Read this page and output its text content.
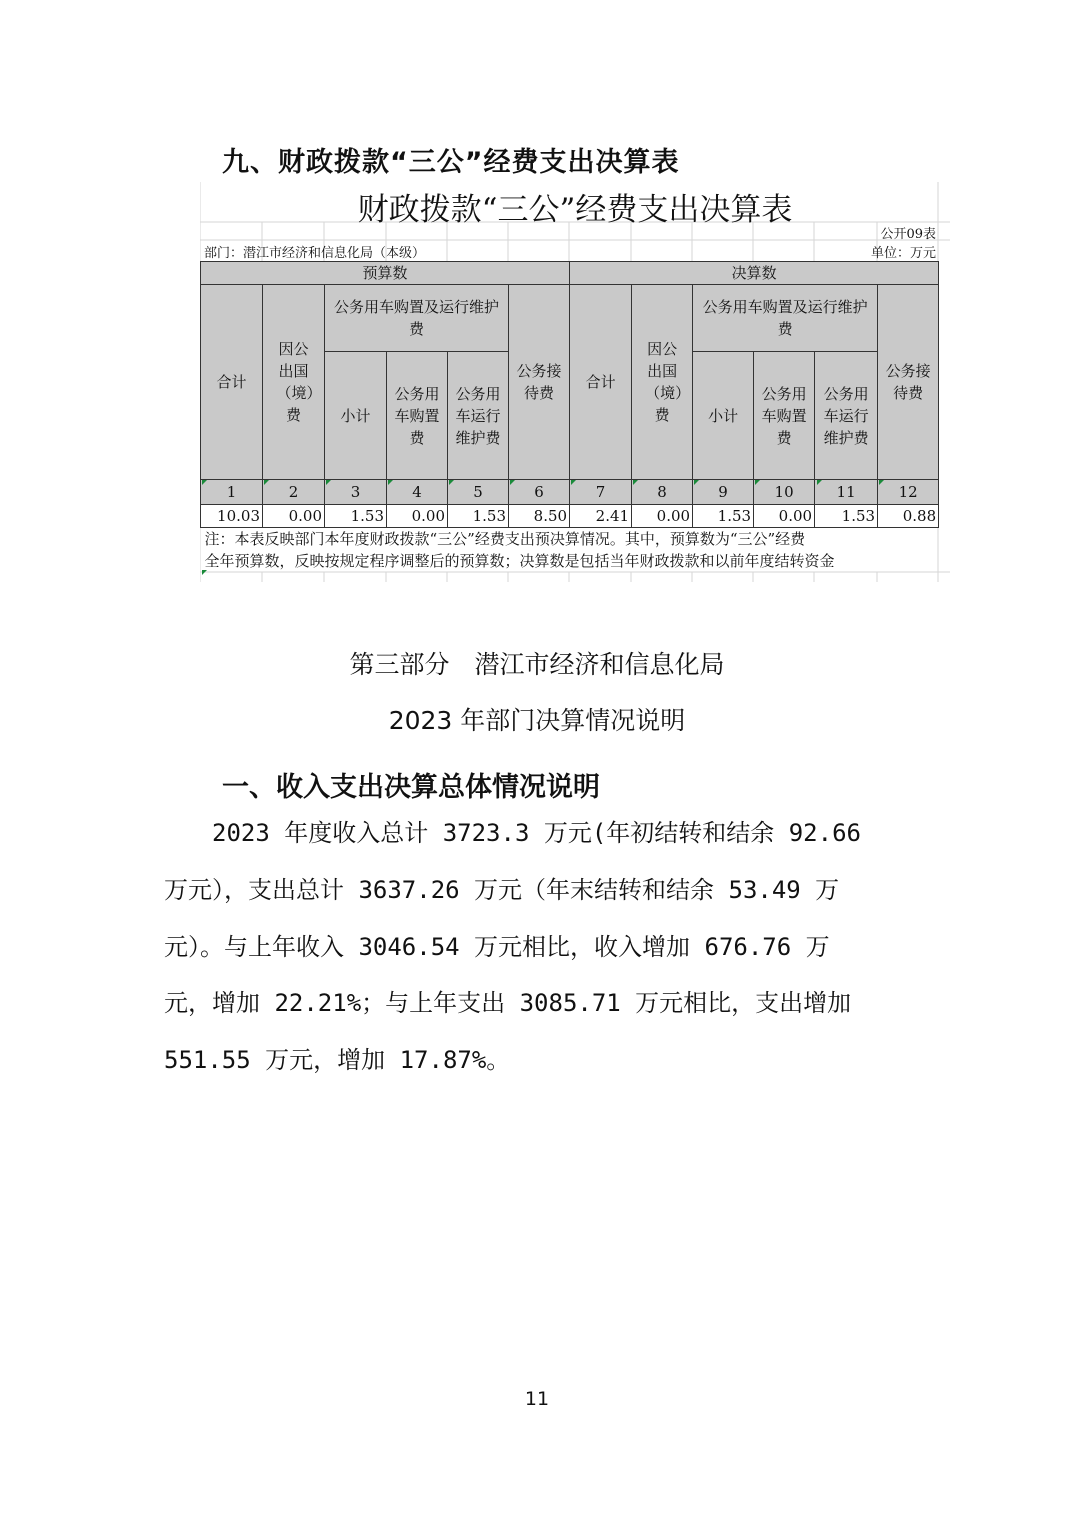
九、财政拨款“三公”经费支出决算表
财政拨款“三公”经费支出决算表
公开09表
部门：潜江市经济和信息化局（本级）	单位：万元
预算数						决算数					
合计	因公出国（境）费	公务用车购置及运行维护费			公务接待费	合计	因公出国（境）费	公务用车购置及运行维护费			公务接待费

		小计	公务用车购置费	公务用车运行维护费				小计	公务用车购置费	公务用车运行维护费	

1	2	3	4	5	6	7	8	9	10	11	12
10.03	0.00	1.53	0.00	1.53	8.50	2.41	0.00	1.53	0.00	1.53	0.88

注：本表反映部门本年度财政拨款“三公”经费支出预决算情况。其中，预算数为“三公”经费
全年预算数，反映按规定程序调整后的预算数；决算数是包括当年财政拨款和以前年度结转资金											
第三部分　潜江市经济和信息化局
2023 年部门决算情况说明
一、收入支出决算总体情况说明
　　2023 年度收入总计 3723.3 万元(年初结转和结余 92.66
万元），支出总计 3637.26 万元（年末结转和结余 53.49 万
元）。与上年收入 3046.54 万元相比，收入增加 676.76 万
元，增加 22.21%；与上年支出 3085.71 万元相比，支出增加
551.55 万元，增加 17.87%。
11
